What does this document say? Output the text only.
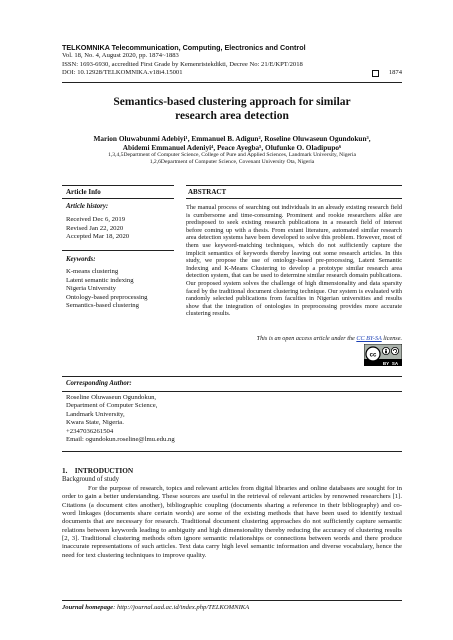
TELKOMNIKA Telecommunication, Computing, Electronics and Control
Vol. 18, No. 4, August 2020, pp. 1874~1883
ISSN: 1693-6930, accredited First Grade by Kemenristekdikti, Decree No: 21/E/KPT/2018
DOI: 10.12928/TELKOMNIKA.v18i4.15001	1874
Semantics-based clustering approach for similar
research area detection
Marion Oluwabunmi Adebiyi¹, Emmanuel B. Adigun², Roseline Oluwaseun Ogundokun³,
Abidemi Emmanuel Adeniyi⁴, Peace Ayegba⁵, Olufunke O. Oladipupo⁶
1,3,4,5Department of Computer Science, College of Pure and Applied Sciences, Landmark University, Nigeria
1,2,6Department of Computer Science, Covenant University Ota, Nigeria
Article Info
Article history:
Received Dec 6, 2019
Revised Jan 22, 2020
Accepted Mar 18, 2020
Keywords:
K-means clustering
Latent semantic indexing
Nigeria University
Ontology-based preprocessing
Semantics-based clustering
ABSTRACT
The manual process of searching out individuals in an already existing research field is cumbersome and time-consuming. Prominent and rookie researchers alike are predisposed to seek existing research publications in a research field of interest before coming up with a thesis. From extant literature, automated similar research area detection systems have been developed to solve this problem. However, most of them use keyword-matching techniques, which do not sufficiently capture the implicit semantics of keywords thereby leaving out some research articles. In this study, we propose the use of ontology-based pre-processing, Latent Semantic Indexing and K-Means Clustering to develop a prototype similar research area detection system, that can be used to determine similar research domain publications. Our proposed system solves the challenge of high dimensionality and data sparsity faced by the traditional document clustering technique. Our system is evaluated with randomly selected publications from faculties in Nigerian universities and results show that the integration of ontologies in preprocessing provides more accurate clustering results.
This is an open access article under the CC BY-SA license.
cc
BY SA
Corresponding Author:
Roseline Oluwaseun Ogundokun,
Department of Computer Science,
Landmark University,
Kwara State, Nigeria.
+2347036261504
Email: ogundokun.roseline@lmu.edu.ng
1.    INTRODUCTION
Background of study
For the purpose of research, topics and relevant articles from digital libraries and online databases are sought for in order to gain a better understanding. These sources are useful in the retrieval of relevant articles by renowned researchers [1]. Citations (a document cites another), bibliographic coupling (documents sharing a reference in their bibliography) and co-word linkages (documents share certain words) are some of the existing methods that have been used to identify textual documents that are necessary for research. Traditional document clustering approaches do not sufficiently capture semantic relations between keywords leading to ambiguity and high dimensionality thereby reducing the accuracy of clustering results [2, 3]. Traditional clustering methods often ignore semantic relationships or connections between words and there produce inaccurate representations of such articles. Text data carry high level semantic information and diverse vocabulary, hence the need for text clustering techniques to improve quality.
Journal homepage: http://journal.uad.ac.id/index.php/TELKOMNIKA
